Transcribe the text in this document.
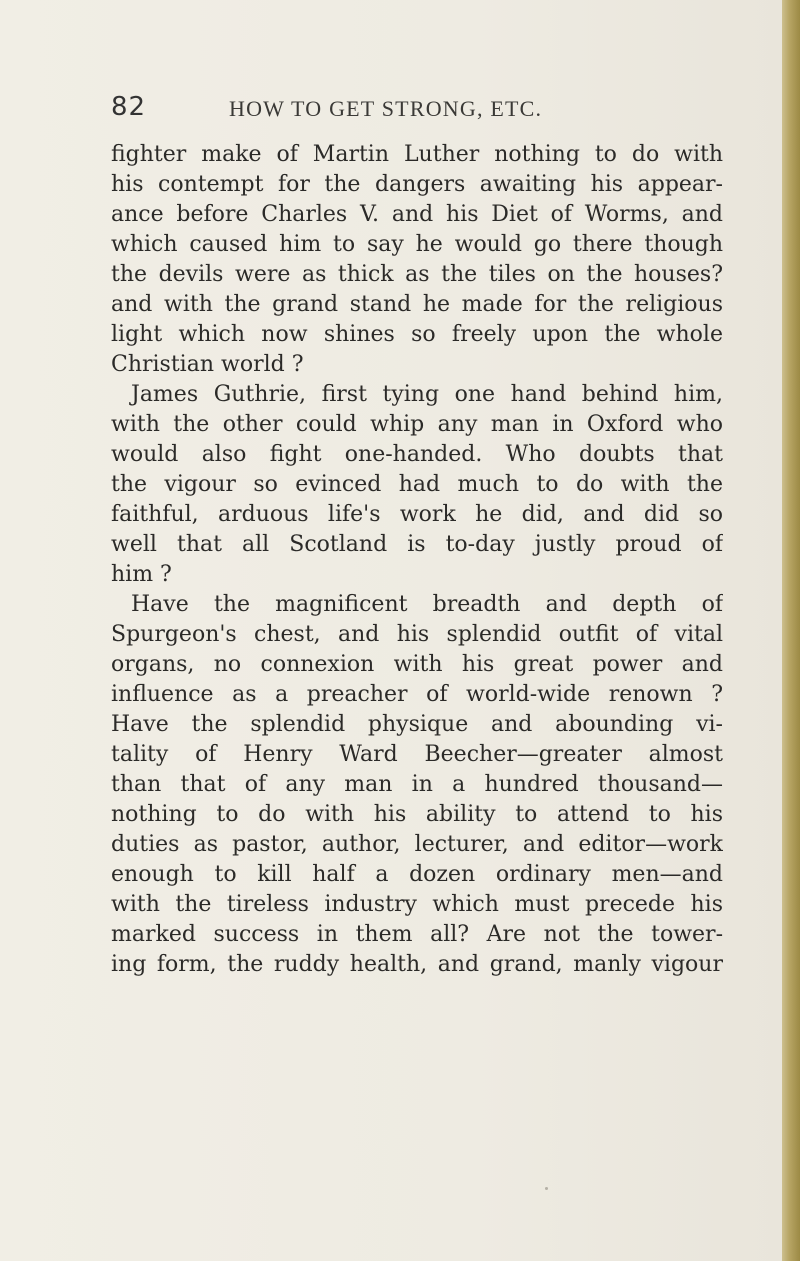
82	HOW TO GET STRONG, ETC.
fighter make of Martin Luther nothing to do with
his contempt for the dangers awaiting his appear-
ance before Charles V. and his Diet of Worms, and
which caused him to say he would go there though
the devils were as thick as the tiles on the houses?
and with the grand stand he made for the religious
light which now shines so freely upon the whole
Christian world ?
James Guthrie, first tying one hand behind him,
with the other could whip any man in Oxford who
would also fight one-handed. Who doubts that
the vigour so evinced had much to do with the
faithful, arduous life's work he did, and did so
well that all Scotland is to-day justly proud of
him ?
Have the magnificent breadth and depth of
Spurgeon's chest, and his splendid outfit of vital
organs, no connexion with his great power and
influence as a preacher of world-wide renown ?
Have the splendid physique and abounding vi-
tality of Henry Ward Beecher—greater almost
than that of any man in a hundred thousand—
nothing to do with his ability to attend to his
duties as pastor, author, lecturer, and editor—work
enough to kill half a dozen ordinary men—and
with the tireless industry which must precede his
marked success in them all? Are not the tower-
ing form, the ruddy health, and grand, manly vigour
